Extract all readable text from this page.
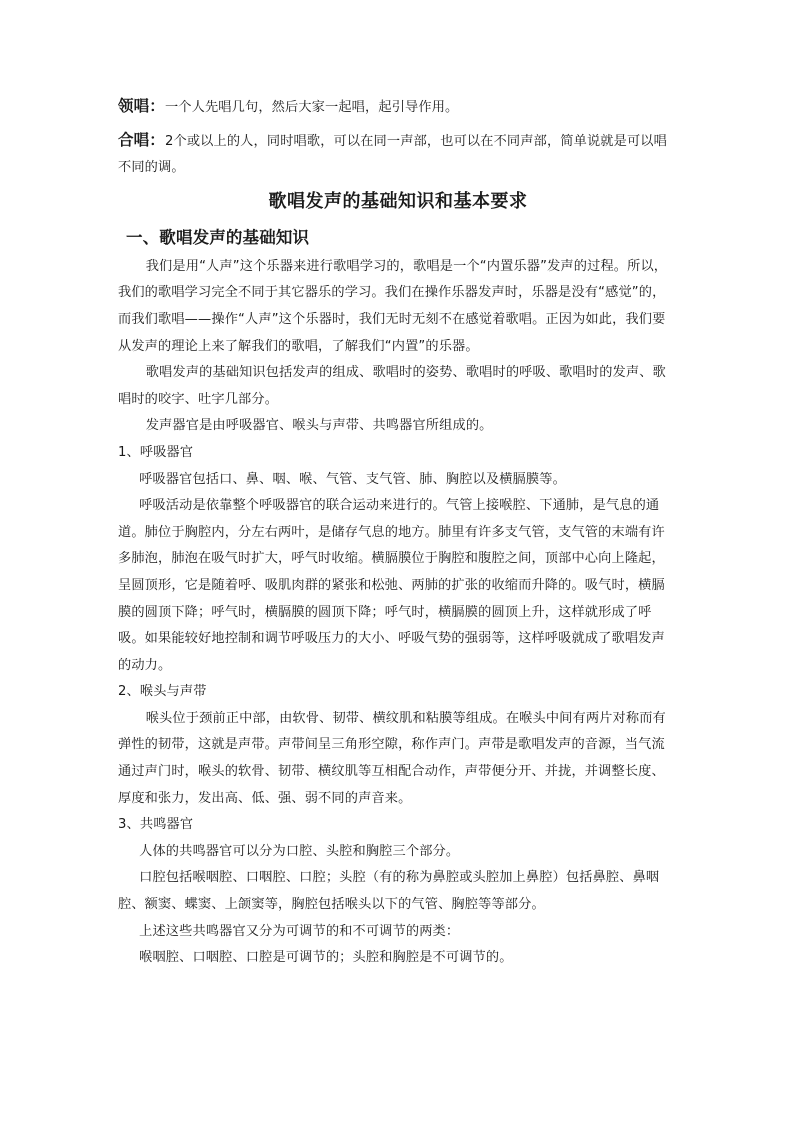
领唱：一个人先唱几句，然后大家一起唱，起引导作用。

合唱：2个或以上的人，同时唱歌，可以在同一声部，也可以在不同声部，简单说就是可以唱不同的调。

歌唱发声的基础知识和基本要求
一、歌唱发声的基础知识

我们是用“人声”这个乐器来进行歌唱学习的，歌唱是一个“内置乐器”发声的过程。所以，我们的歌唱学习完全不同于其它器乐的学习。我们在操作乐器发声时，乐器是没有“感觉”的，而我们歌唱——操作“人声”这个乐器时，我们无时无刻不在感觉着歌唱。正因为如此，我们要从发声的理论上来了解我们的歌唱，了解我们“内置”的乐器。

歌唱发声的基础知识包括发声的组成、歌唱时的姿势、歌唱时的呼吸、歌唱时的发声、歌唱时的咬字、吐字几部分。

发声器官是由呼吸器官、喉头与声带、共鸣器官所组成的。

1、呼吸器官

呼吸器官包括口、鼻、咽、喉、气管、支气管、肺、胸腔以及横膈膜等。

呼吸活动是依靠整个呼吸器官的联合运动来进行的。气管上接喉腔、下通肺，是气息的通道。肺位于胸腔内，分左右两叶，是储存气息的地方。肺里有许多支气管，支气管的末端有许多肺泡，肺泡在吸气时扩大，呼气时收缩。横膈膜位于胸腔和腹腔之间，顶部中心向上隆起，呈圆顶形，它是随着呼、吸肌肉群的紧张和松弛、两肺的扩张的收缩而升降的。吸气时，横膈膜的圆顶下降；呼气时，横膈膜的圆顶下降；呼气时，横膈膜的圆顶上升，这样就形成了呼吸。如果能较好地控制和调节呼吸压力的大小、呼吸气势的强弱等，这样呼吸就成了歌唱发声的动力。

2、喉头与声带

喉头位于颈前正中部，由软骨、韧带、横纹肌和粘膜等组成。在喉头中间有两片对称而有弹性的韧带，这就是声带。声带间呈三角形空隙，称作声门。声带是歌唱发声的音源，当气流通过声门时，喉头的软骨、韧带、横纹肌等互相配合动作，声带便分开、并拢，并调整长度、厚度和张力，发出高、低、强、弱不同的声音来。

3、共鸣器官

人体的共鸣器官可以分为口腔、头腔和胸腔三个部分。

口腔包括喉咽腔、口咽腔、口腔；头腔（有的称为鼻腔或头腔加上鼻腔）包括鼻腔、鼻咽腔、额窦、蝶窦、上颌窦等，胸腔包括喉头以下的气管、胸腔等等部分。

上述这些共鸣器官又分为可调节的和不可调节的两类：

喉咽腔、口咽腔、口腔是可调节的；头腔和胸腔是不可调节的。
